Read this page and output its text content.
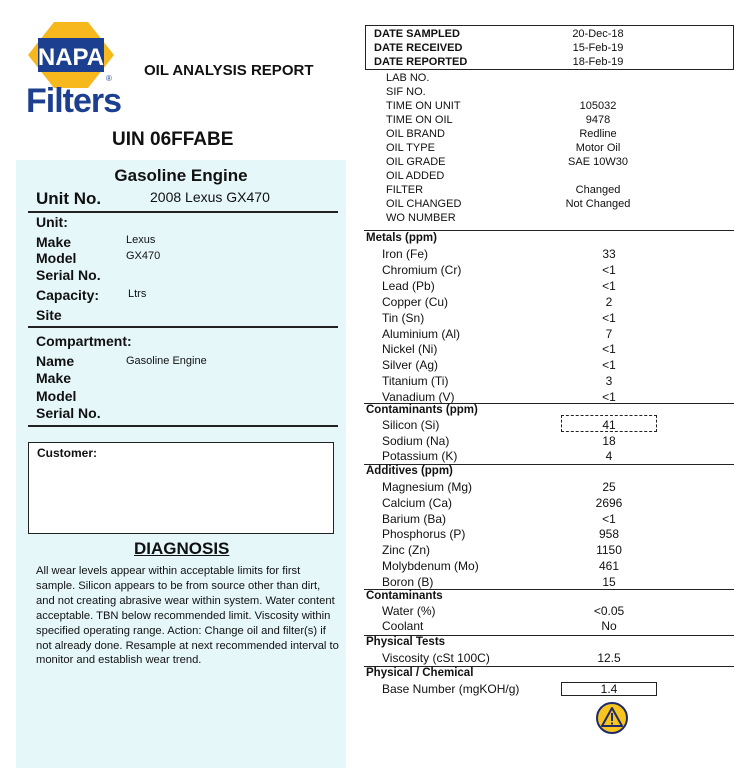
NAPA
Filters
® OIL ANALYSIS REPORT
UIN 06FFABE
Gasoline Engine
Unit No.	2008 Lexus GX470
Unit:
Make	Lexus
Model	GX470
Serial No.
Capacity:	Ltrs
Site
Compartment:
Name	Gasoline Engine
Make
Model
Serial No.
Customer:
DIAGNOSIS
All wear levels appear within acceptable limits for first sample. Silicon appears to be from source other than dirt, and not creating abrasive wear within system. Water content acceptable. TBN below recommended limit. Viscosity within specified operating range. Action: Change oil and filter(s) if not already done. Resample at next recommended interval to monitor and establish wear trend.
DATE SAMPLED	20-Dec-18
DATE RECEIVED	15-Feb-19
DATE REPORTED	18-Feb-19
LAB NO.
SIF NO.
TIME ON UNIT	105032
TIME ON OIL	9478
OIL BRAND	Redline
OIL TYPE	Motor Oil
OIL GRADE	SAE 10W30
OIL ADDED
FILTER	Changed
OIL CHANGED	Not Changed
WO NUMBER
Metals (ppm)
Iron (Fe)	33
Chromium (Cr)	<1
Lead (Pb)	<1
Copper (Cu)	2
Tin (Sn)	<1
Aluminium (Al)	7
Nickel (Ni)	<1
Silver (Ag)	<1
Titanium (Ti)	3
Vanadium (V)	<1
Contaminants (ppm)
Silicon (Si)	41
Sodium (Na)	18
Potassium (K)	4
Additives (ppm)
Magnesium (Mg)	25
Calcium (Ca)	2696
Barium (Ba)	<1
Phosphorus (P)	958
Zinc (Zn)	1150
Molybdenum (Mo)	461
Boron (B)	15
Contaminants
Water (%)	<0.05
Coolant	No
Physical Tests
Viscosity (cSt 100C)	12.5
Physical / Chemical
Base Number (mgKOH/g)	1.4
